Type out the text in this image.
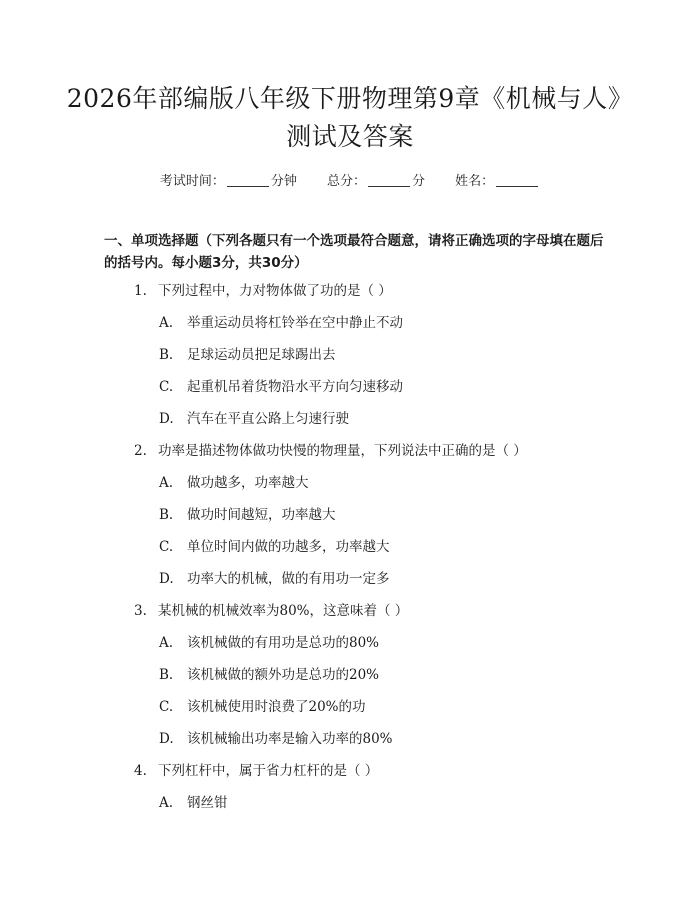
2026年部编版八年级下册物理第9章《机械与人》测试及答案
考试时间：	分钟 总分：	分 姓名：
一、单项选择题（下列各题只有一个选项最符合题意，请将正确选项的字母填在题后的括号内。每小题3分，共30分）
1. 下列过程中，力对物体做了功的是（ ）
A. 举重运动员将杠铃举在空中静止不动
B. 足球运动员把足球踢出去
C. 起重机吊着货物沿水平方向匀速移动
D. 汽车在平直公路上匀速行驶
2. 功率是描述物体做功快慢的物理量，下列说法中正确的是（ ）
A. 做功越多，功率越大
B. 做功时间越短，功率越大
C. 单位时间内做的功越多，功率越大
D. 功率大的机械，做的有用功一定多
3. 某机械的机械效率为80%，这意味着（ ）
A. 该机械做的有用功是总功的80%
B. 该机械做的额外功是总功的20%
C. 该机械使用时浪费了20%的功
D. 该机械输出功率是输入功率的80%
4. 下列杠杆中，属于省力杠杆的是（ ）
A. 钢丝钳
